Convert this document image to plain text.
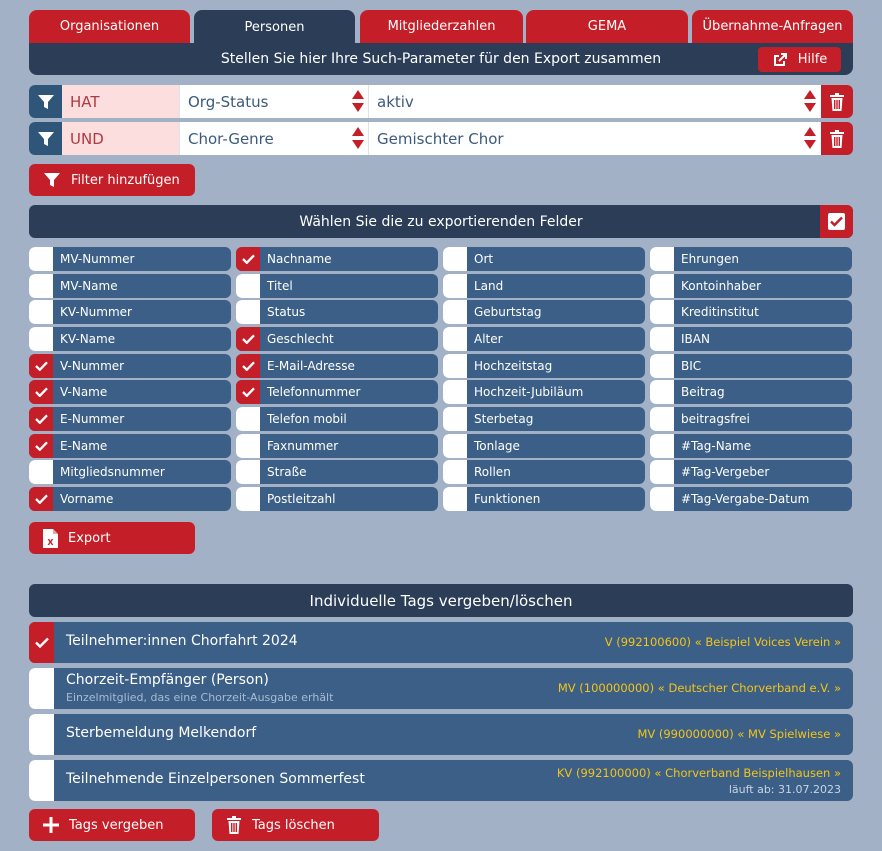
Organisationen	Personen	Mitgliederzahlen	GEMA	Übernahme-Anfragen
Stellen Sie hier Ihre Such-Parameter für den Export zusammen	Hilfe
HAT	Org-Status	aktiv
UND	Chor-Genre	Gemischter Chor
Filter hinzufügen
Wählen Sie die zu exportierenden Felder
MV-Nummer
MV-Name
KV-Nummer
KV-Name
V-Nummer
V-Name
E-Nummer
E-Name
Mitgliedsnummer
Vorname
Nachname
Titel
Status
Geschlecht
E-Mail-Adresse
Telefonnummer
Telefon mobil
Faxnummer
Straße
Postleitzahl
Ort
Land
Geburtstag
Alter
Hochzeitstag
Hochzeit-Jubiläum
Sterbetag
Tonlage
Rollen
Funktionen
Ehrungen
Kontoinhaber
Kreditinstitut
IBAN
BIC
Beitrag
beitragsfrei
#Tag-Name
#Tag-Vergeber
#Tag-Vergabe-Datum
X Export
Individuelle Tags vergeben/löschen
Teilnehmer:innen Chorfahrt 2024	V (992100600) « Beispiel Voices Verein »
Chorzeit-Empfänger (Person)
Einzelmitglied, das eine Chorzeit-Ausgabe erhält
MV (100000000) « Deutscher Chorverband e.V. »
Sterbemeldung Melkendorf	MV (990000000) « MV Spielwiese »
Teilnehmende Einzelpersonen Sommerfest	KV (992100000) « Chorverband Beispielhausen »
läuft ab: 31.07.2023
Tags vergeben	Tags löschen
